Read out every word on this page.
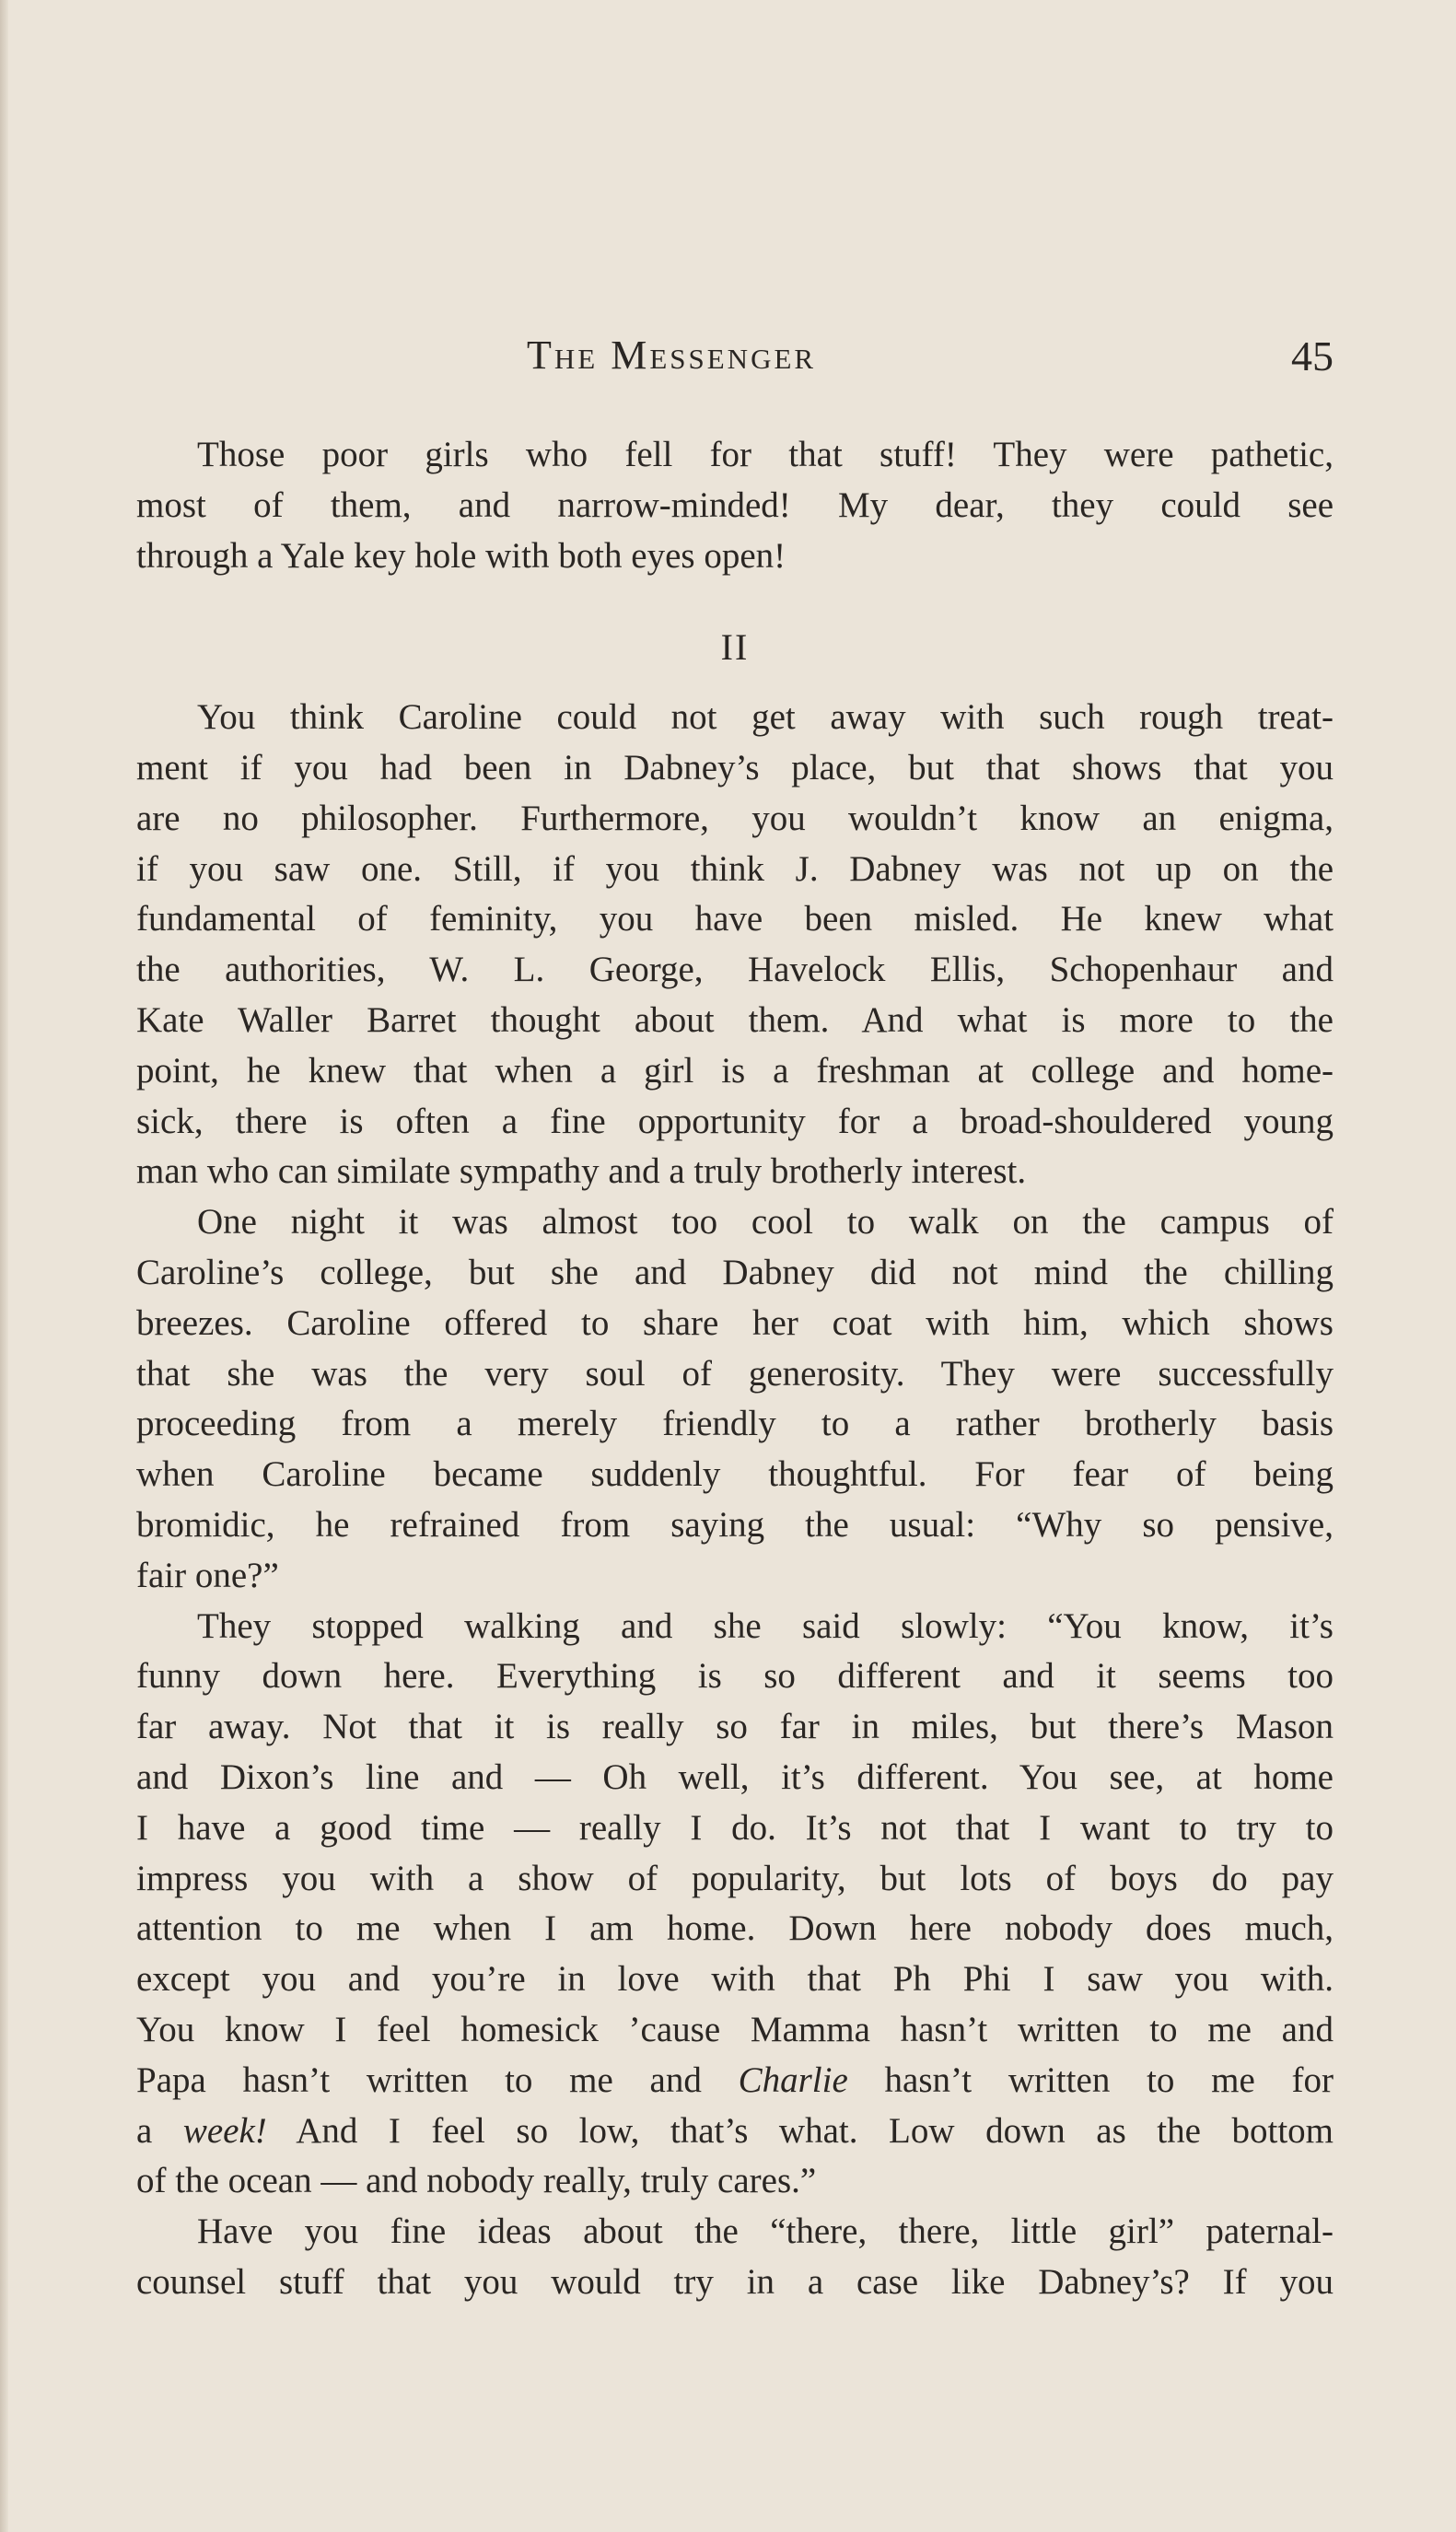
The Messenger	45
Those poor girls who fell for that stuff! They were pathetic,
most of them, and narrow-minded! My dear, they could see
through a Yale key hole with both eyes open!
II
You think Caroline could not get away with such rough treat-
ment if you had been in Dabney’s place, but that shows that you
are no philosopher. Furthermore, you wouldn’t know an enigma,
if you saw one. Still, if you think J. Dabney was not up on the
fundamental of feminity, you have been misled. He knew what
the authorities, W. L. George, Havelock Ellis, Schopenhaur and
Kate Waller Barret thought about them. And what is more to the
point, he knew that when a girl is a freshman at college and home-
sick, there is often a fine opportunity for a broad-shouldered young
man who can similate sympathy and a truly brotherly interest.
One night it was almost too cool to walk on the campus of
Caroline’s college, but she and Dabney did not mind the chilling
breezes. Caroline offered to share her coat with him, which shows
that she was the very soul of generosity. They were successfully
proceeding from a merely friendly to a rather brotherly basis
when Caroline became suddenly thoughtful. For fear of being
bromidic, he refrained from saying the usual: “Why so pensive,
fair one?”
They stopped walking and she said slowly: “You know, it’s
funny down here. Everything is so different and it seems too
far away. Not that it is really so far in miles, but there’s Mason
and Dixon’s line and — Oh well, it’s different. You see, at home
I have a good time — really I do. It’s not that I want to try to
impress you with a show of popularity, but lots of boys do pay
attention to me when I am home. Down here nobody does much,
except you and you’re in love with that Ph Phi I saw you with.
You know I feel homesick ’cause Mamma hasn’t written to me and
Papa hasn’t written to me and Charlie hasn’t written to me for
a week! And I feel so low, that’s what. Low down as the bottom
of the ocean — and nobody really, truly cares.”
Have you fine ideas about the “there, there, little girl” paternal-
counsel stuff that you would try in a case like Dabney’s? If you
